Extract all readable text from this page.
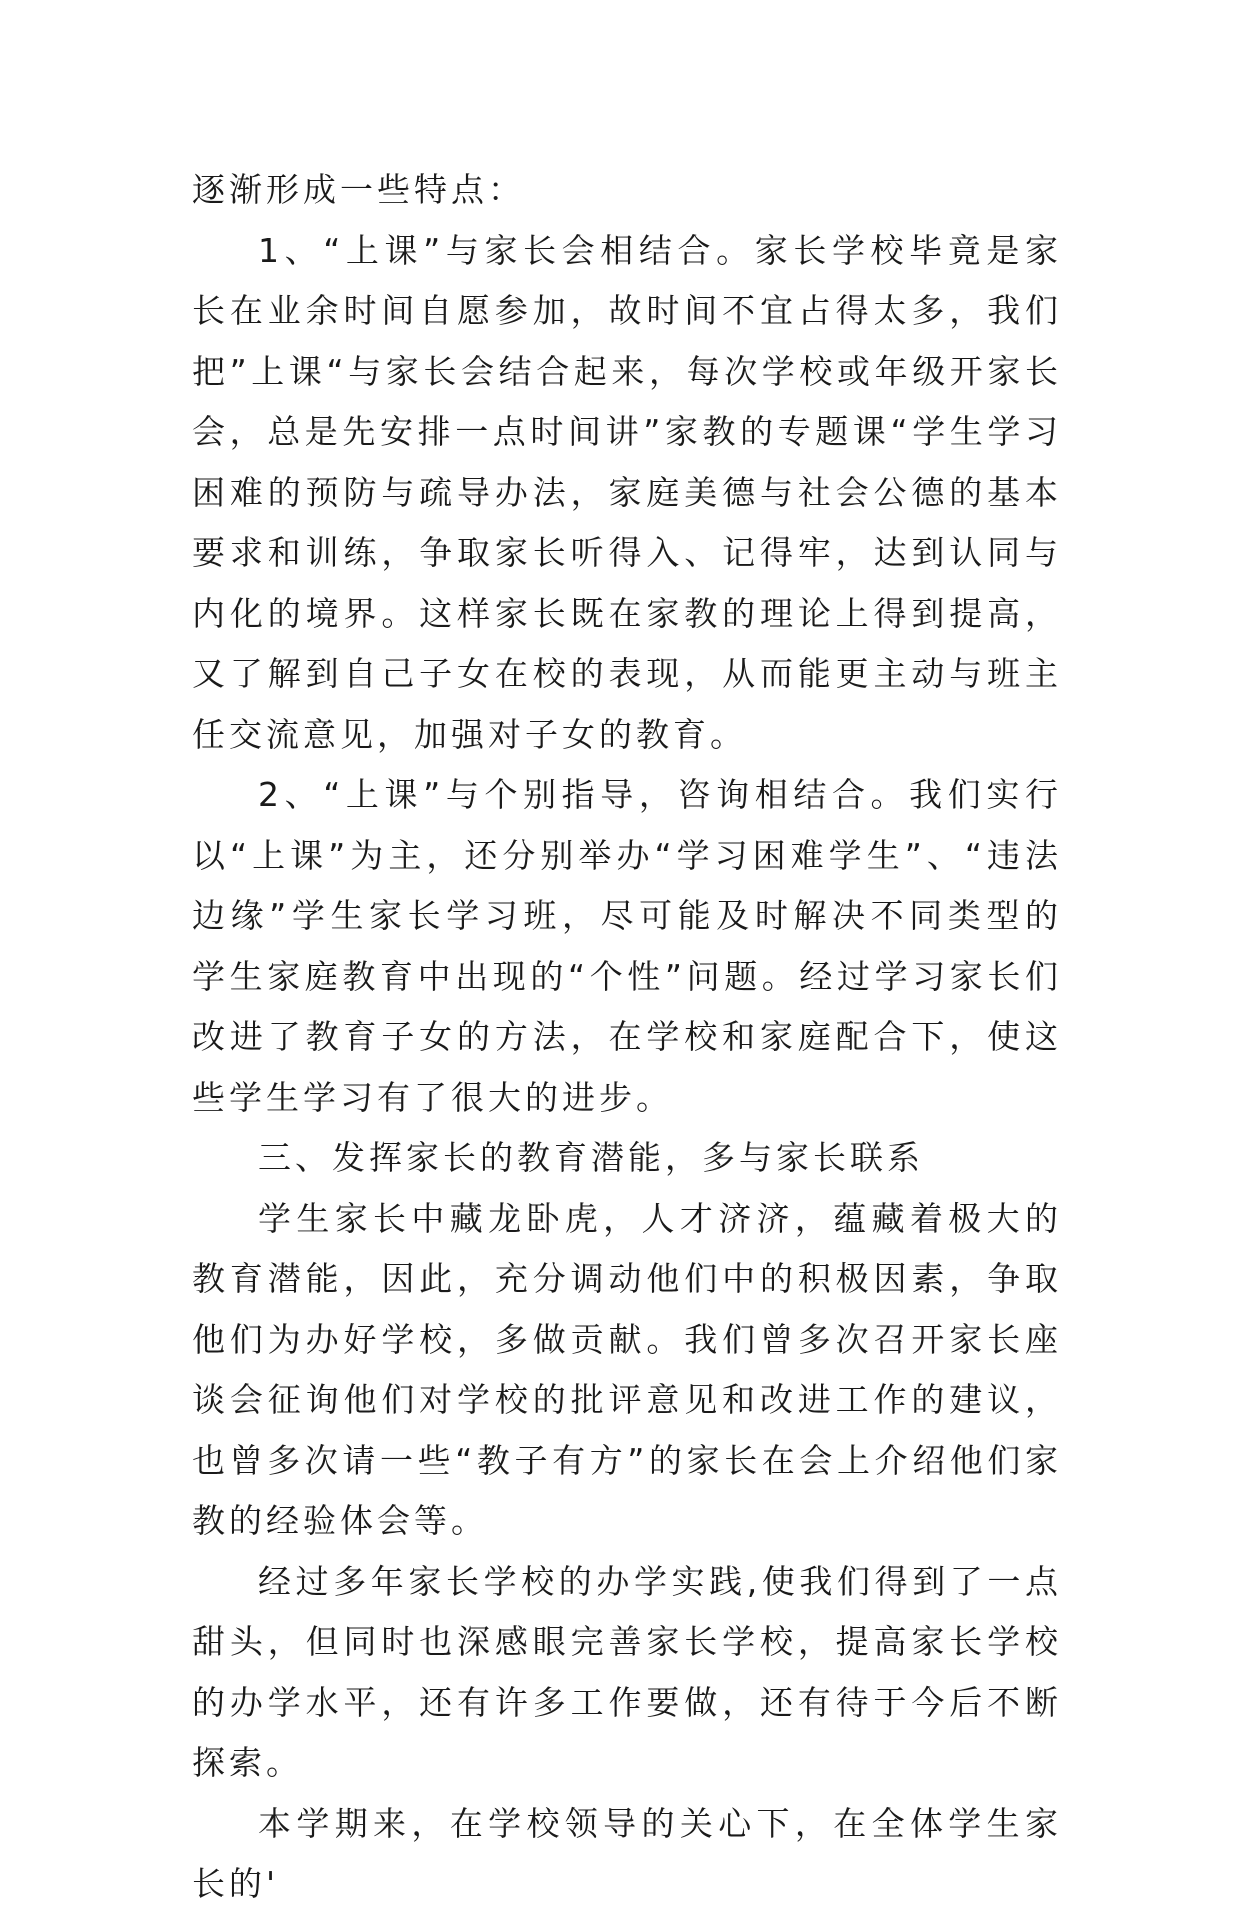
逐渐形成一些特点：

1、“上课”与家长会相结合。家长学校毕竟是家长在业余时间自愿参加，故时间不宜占得太多，我们把”上课“与家长会结合起来，每次学校或年级开家长会，总是先安排一点时间讲”家教的专题课“学生学习困难的预防与疏导办法，家庭美德与社会公德的基本要求和训练，争取家长听得入、记得牢，达到认同与内化的境界。这样家长既在家教的理论上得到提高，又了解到自己子女在校的表现，从而能更主动与班主任交流意见，加强对子女的教育。

2、“上课”与个别指导，咨询相结合。我们实行以“上课”为主，还分别举办“学习困难学生”、“违法边缘”学生家长学习班，尽可能及时解决不同类型的学生家庭教育中出现的“个性”问题。经过学习家长们改进了教育子女的方法，在学校和家庭配合下，使这些学生学习有了很大的进步。

三、发挥家长的教育潜能，多与家长联系

学生家长中藏龙卧虎，人才济济，蕴藏着极大的教育潜能，因此，充分调动他们中的积极因素，争取他们为办好学校，多做贡献。我们曾多次召开家长座谈会征询他们对学校的批评意见和改进工作的建议，也曾多次请一些“教子有方”的家长在会上介绍他们家教的经验体会等。

经过多年家长学校的办学实践,使我们得到了一点甜头，但同时也深感眼完善家长学校，提高家长学校的办学水平，还有许多工作要做，还有待于今后不断探索。

本学期来，在学校领导的关心下，在全体学生家长的'
